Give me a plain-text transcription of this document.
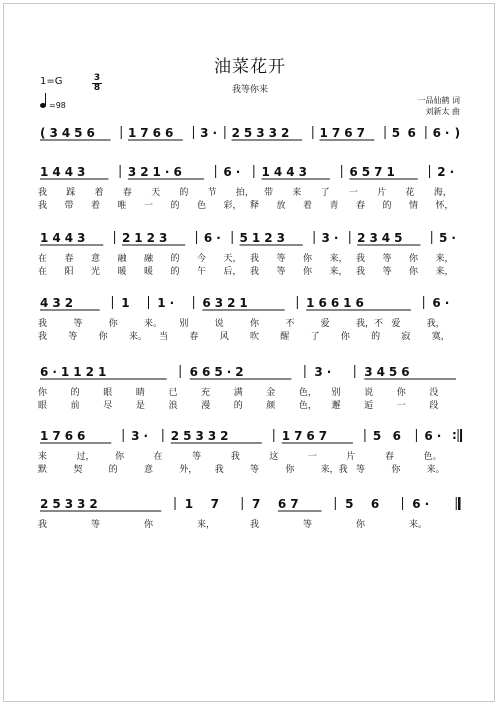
油菜花开
我等你来
1=G	$\frac{3}{8}$
=98
一品仙鹤 词
刘新太 曲
(3456 1766 3· 25332 1767 5 6 6· )
1443	321·6	6· 1443	6571	2·
1443	2123	6· 5123	3· 2345	5·
432	1 1· 6321	16616	6·
6·1121	665·2	3· 3456
1766	3· 25332	1767	5 6 6· :
25332	1 7 7 67	5 6 6·
我 踩 着 春 天 的 节 拍， 带 来 了 一 片 花 海，
我 带 着 唯 一 的 色 彩， 释 放 着 青 春 的 情 怀，
在 春 意 融 融 的 今 天， 我 等 你 来， 我 等 你 来，
在 阳 光 暖 暖 的 午 后， 我 等 你 来， 我 等 你 来，
我	等	你	来。 别	说	你	不	爱	我，不 爱	我，
我 等 你 来。 当 春 风 吹 醒 了 你 的 寂 寞，
你	的	眼	睛	已	充	满	金	色， 别	说	你	没
眼	前	尽	是	浪	漫	的	颜	色， 邂	逅	一	段
来	过， 你	在	等	我	这	一	片	春	色。
默	契	的	意	外， 我	等	你	来，我 等	你	来。
我	等	你	来，	我	等	你	来。
